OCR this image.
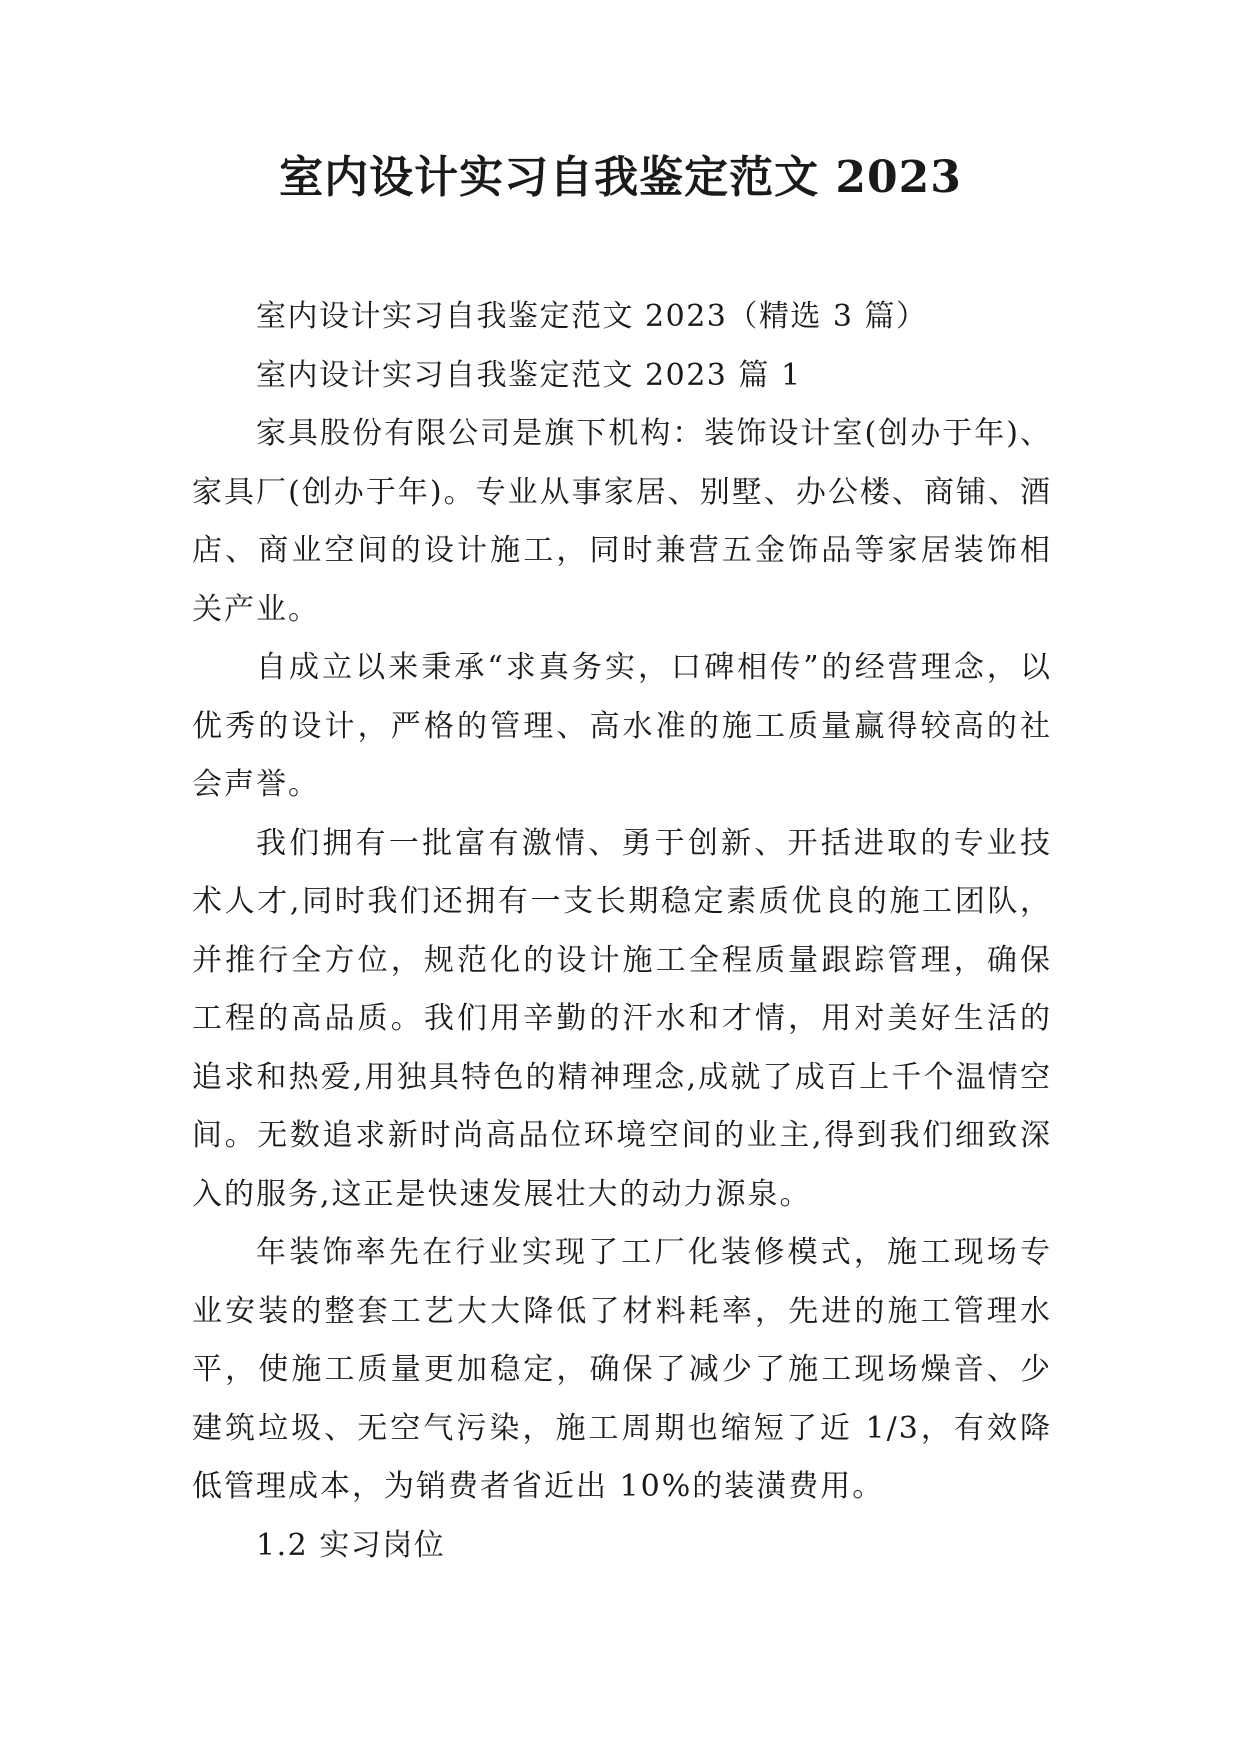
室内设计实习自我鉴定范文 2023

室内设计实习自我鉴定范文 2023（精选 3 篇）

室内设计实习自我鉴定范文 2023 篇 1

家具股份有限公司是旗下机构：装饰设计室(创办于年)、家具厂(创办于年)。专业从事家居、别墅、办公楼、商铺、酒店、商业空间的设计施工，同时兼营五金饰品等家居装饰相关产业。

自成立以来秉承“求真务实，口碑相传”的经营理念，以优秀的设计，严格的管理、高水准的施工质量赢得较高的社会声誉。

我们拥有一批富有激情、勇于创新、开括进取的专业技术人才,同时我们还拥有一支长期稳定素质优良的施工团队，并推行全方位，规范化的设计施工全程质量跟踪管理，确保工程的高品质。我们用辛勤的汗水和才情，用对美好生活的追求和热爱,用独具特色的精神理念,成就了成百上千个温情空间。无数追求新时尚高品位环境空间的业主,得到我们细致深入的服务,这正是快速发展壮大的动力源泉。

年装饰率先在行业实现了工厂化装修模式，施工现场专业安装的整套工艺大大降低了材料耗率，先进的施工管理水平，使施工质量更加稳定，确保了减少了施工现场燥音、少建筑垃圾、无空气污染，施工周期也缩短了近 1/3，有效降低管理成本，为销费者省近出 10%的装潢费用。

1.2 实习岗位
